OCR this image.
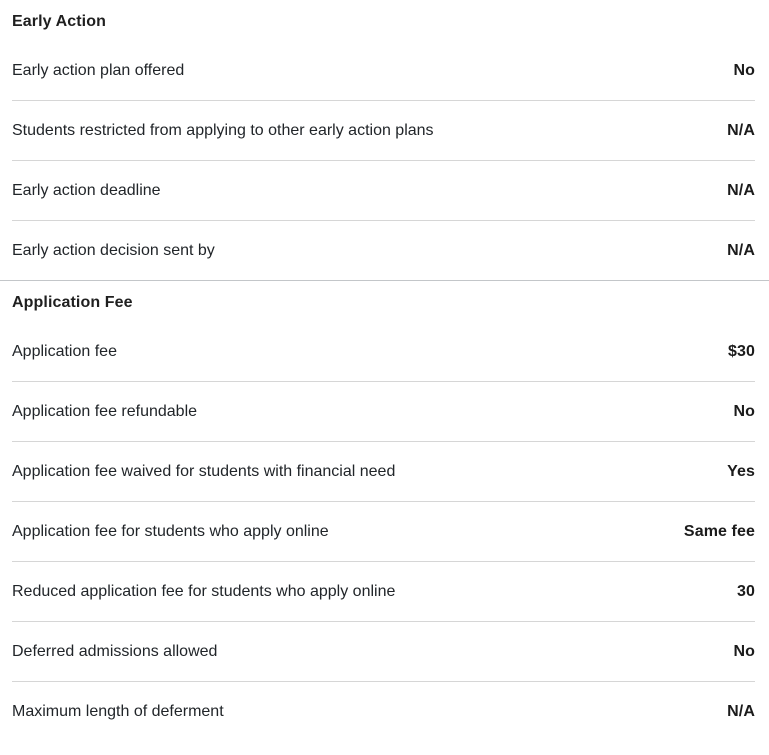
Early Action
Early action plan offered	No
Students restricted from applying to other early action plans	N/A
Early action deadline	N/A
Early action decision sent by	N/A
Application Fee
Application fee	$30
Application fee refundable	No
Application fee waived for students with financial need	Yes
Application fee for students who apply online	Same fee
Reduced application fee for students who apply online	30
Deferred admissions allowed	No
Maximum length of deferment	N/A
